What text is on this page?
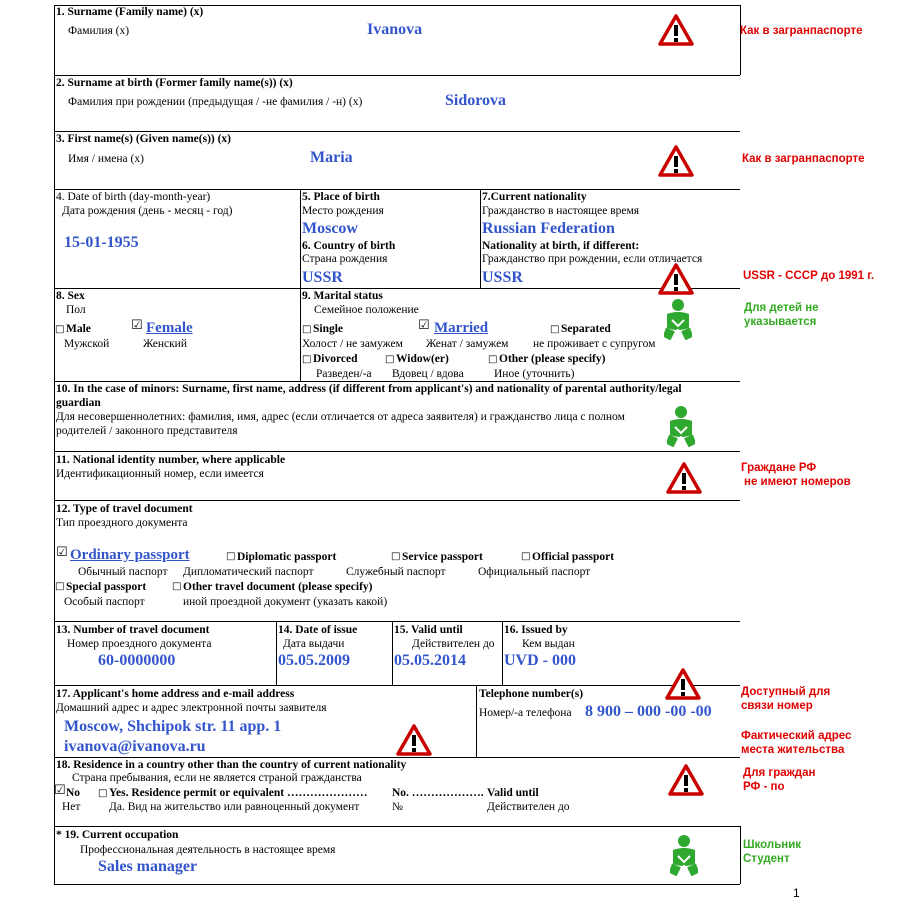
1. Surname (Family name) (x)
Фамилия (x)	Ivanova	Как в загранпаспорте
2. Surname at birth (Former family name(s)) (x)
Фамилия при рождении (предыдущая / -не фамилия / -н) (x)	Sidorova
3. First name(s) (Given name(s)) (x)
Имя / имена (x)	Maria	Как в загранпаспорте
4. Date of birth (day-month-year)
Дата рождения (день - месяц - год)
15-01-1955
5. Place of birth
Место рождения
Moscow
6. Country of birth
Страна рождения
USSR
7.Current nationality
Гражданство в настоящее время
Russian Federation
Nationality at birth, if different:
Гражданство при рождении, если отличается
USSR	USSR - СССР до 1991 г.
8. Sex
Пол
□ Male
Мужской
☑ Female
Женский
Для детей не
указывается
9. Marital status
Семейное положение
□ Single
Холост / не замужем
☑ Married
Женат / замужем
□ Separated
не проживает с супругом
□ Divorced
Разведен/-а
□ Widow(er)
Вдовец / вдова
□ Other (please specify)
Иное (уточнить)
10. In the case of minors: Surname, first name, address (if different from applicant's) and nationality of parental authority/legal
guardian
Для несовершеннолетних: фамилия, имя, адрес (если отличается от адреса заявителя) и гражданство лица с полном
родителей / законного представителя
11. National identity number, where applicable
Идентификационный номер, если имеется	Граждане РФ
не имеют номеров
12. Type of travel document
Тип проездного документа
☑ Ordinary passport
Обычный паспорт
□ Diplomatic passport
Дипломатический паспорт
□ Service passport
Служебный паспорт
□ Official passport
Официальный паспорт
□ Special passport
Особый паспорт
□ Other travel document (please specify)
иной проездной документ (указать какой)
13. Number of travel document
Номер проездного документа
60-0000000
14. Date of issue
Дата выдачи
05.05.2009
15. Valid until
Действителен до
05.05.2014
16. Issued by
Кем выдан
UVD - 000
17. Applicant's home address and e-mail address
Домашний адрес и адрес электронной почты заявителя
Moscow, Shchipok str. 11 app. 1
ivanova@ivanova.ru
Telephone number(s)
Номер/-а телефона 8 900 – 000 -00 -00
Доступный для
связи номер
Фактический адрес
места жительства
18. Residence in a country other than the country of current nationality
Страна пребывания, если не является страной гражданства
☑ No
Нет
□ Yes. Residence permit or equivalent …………………
Да. Вид на жительство или равноценный документ
No. ……………….
№
Valid until
Действителен до
Для граждан
РФ - по
* 19. Current occupation
Профессиональная деятельность в настоящее время
Sales manager
Школьник
Студент
1
